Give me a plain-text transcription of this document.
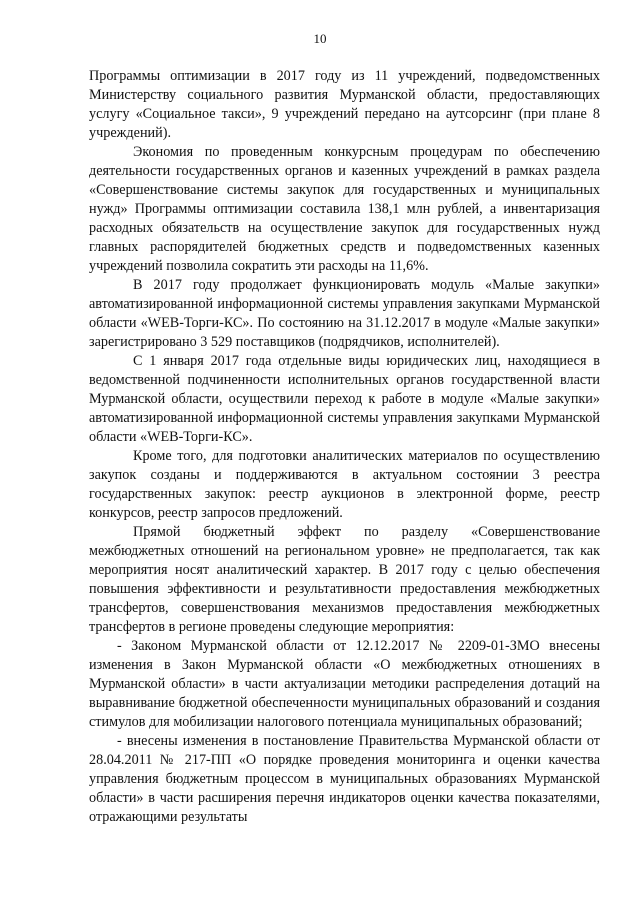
10

Программы оптимизации в 2017 году из 11 учреждений, подведомственных Министерству социального развития Мурманской области, предоставляющих услугу «Социальное такси», 9 учреждений передано на аутсорсинг (при плане 8 учреждений).

Экономия по проведенным конкурсным процедурам по обеспечению деятельности государственных органов и казенных учреждений в рамках раздела «Совершенствование системы закупок для государственных и муниципальных нужд» Программы оптимизации составила 138,1 млн рублей, а инвентаризация расходных обязательств на осуществление закупок для государственных нужд главных распорядителей бюджетных средств и подведомственных казенных учреждений позволила сократить эти расходы на 11,6%.

В 2017 году продолжает функционировать модуль «Малые закупки» автоматизированной информационной системы управления закупками Мурманской области «WEB-Торги-КС». По состоянию на 31.12.2017 в модуле «Малые закупки» зарегистрировано 3 529 поставщиков (подрядчиков, исполнителей).

С 1 января 2017 года отдельные виды юридических лиц, находящиеся в ведомственной подчиненности исполнительных органов государственной власти Мурманской области, осуществили переход к работе в модуле «Малые закупки» автоматизированной информационной системы управления закупками Мурманской области «WEB-Торги-КС».

Кроме того, для подготовки аналитических материалов по осуществлению закупок созданы и поддерживаются в актуальном состоянии 3 реестра государственных закупок: реестр аукционов в электронной форме, реестр конкурсов, реестр запросов предложений.

Прямой бюджетный эффект по разделу «Совершенствование межбюджетных отношений на региональном уровне» не предполагается, так как мероприятия носят аналитический характер. В 2017 году с целью обеспечения повышения эффективности и результативности предоставления межбюджетных трансфертов, совершенствования механизмов предоставления межбюджетных трансфертов в регионе проведены следующие мероприятия:

- Законом Мурманской области от 12.12.2017 № 2209-01-ЗМО внесены изменения в Закон Мурманской области «О межбюджетных отношениях в Мурманской области» в части актуализации методики распределения дотаций на выравнивание бюджетной обеспеченности муниципальных образований и создания стимулов для мобилизации налогового потенциала муниципальных образований;

- внесены изменения в постановление Правительства Мурманской области от 28.04.2011 № 217-ПП «О порядке проведения мониторинга и оценки качества управления бюджетным процессом в муниципальных образованиях Мурманской области» в части расширения перечня индикаторов оценки качества показателями, отражающими результаты
